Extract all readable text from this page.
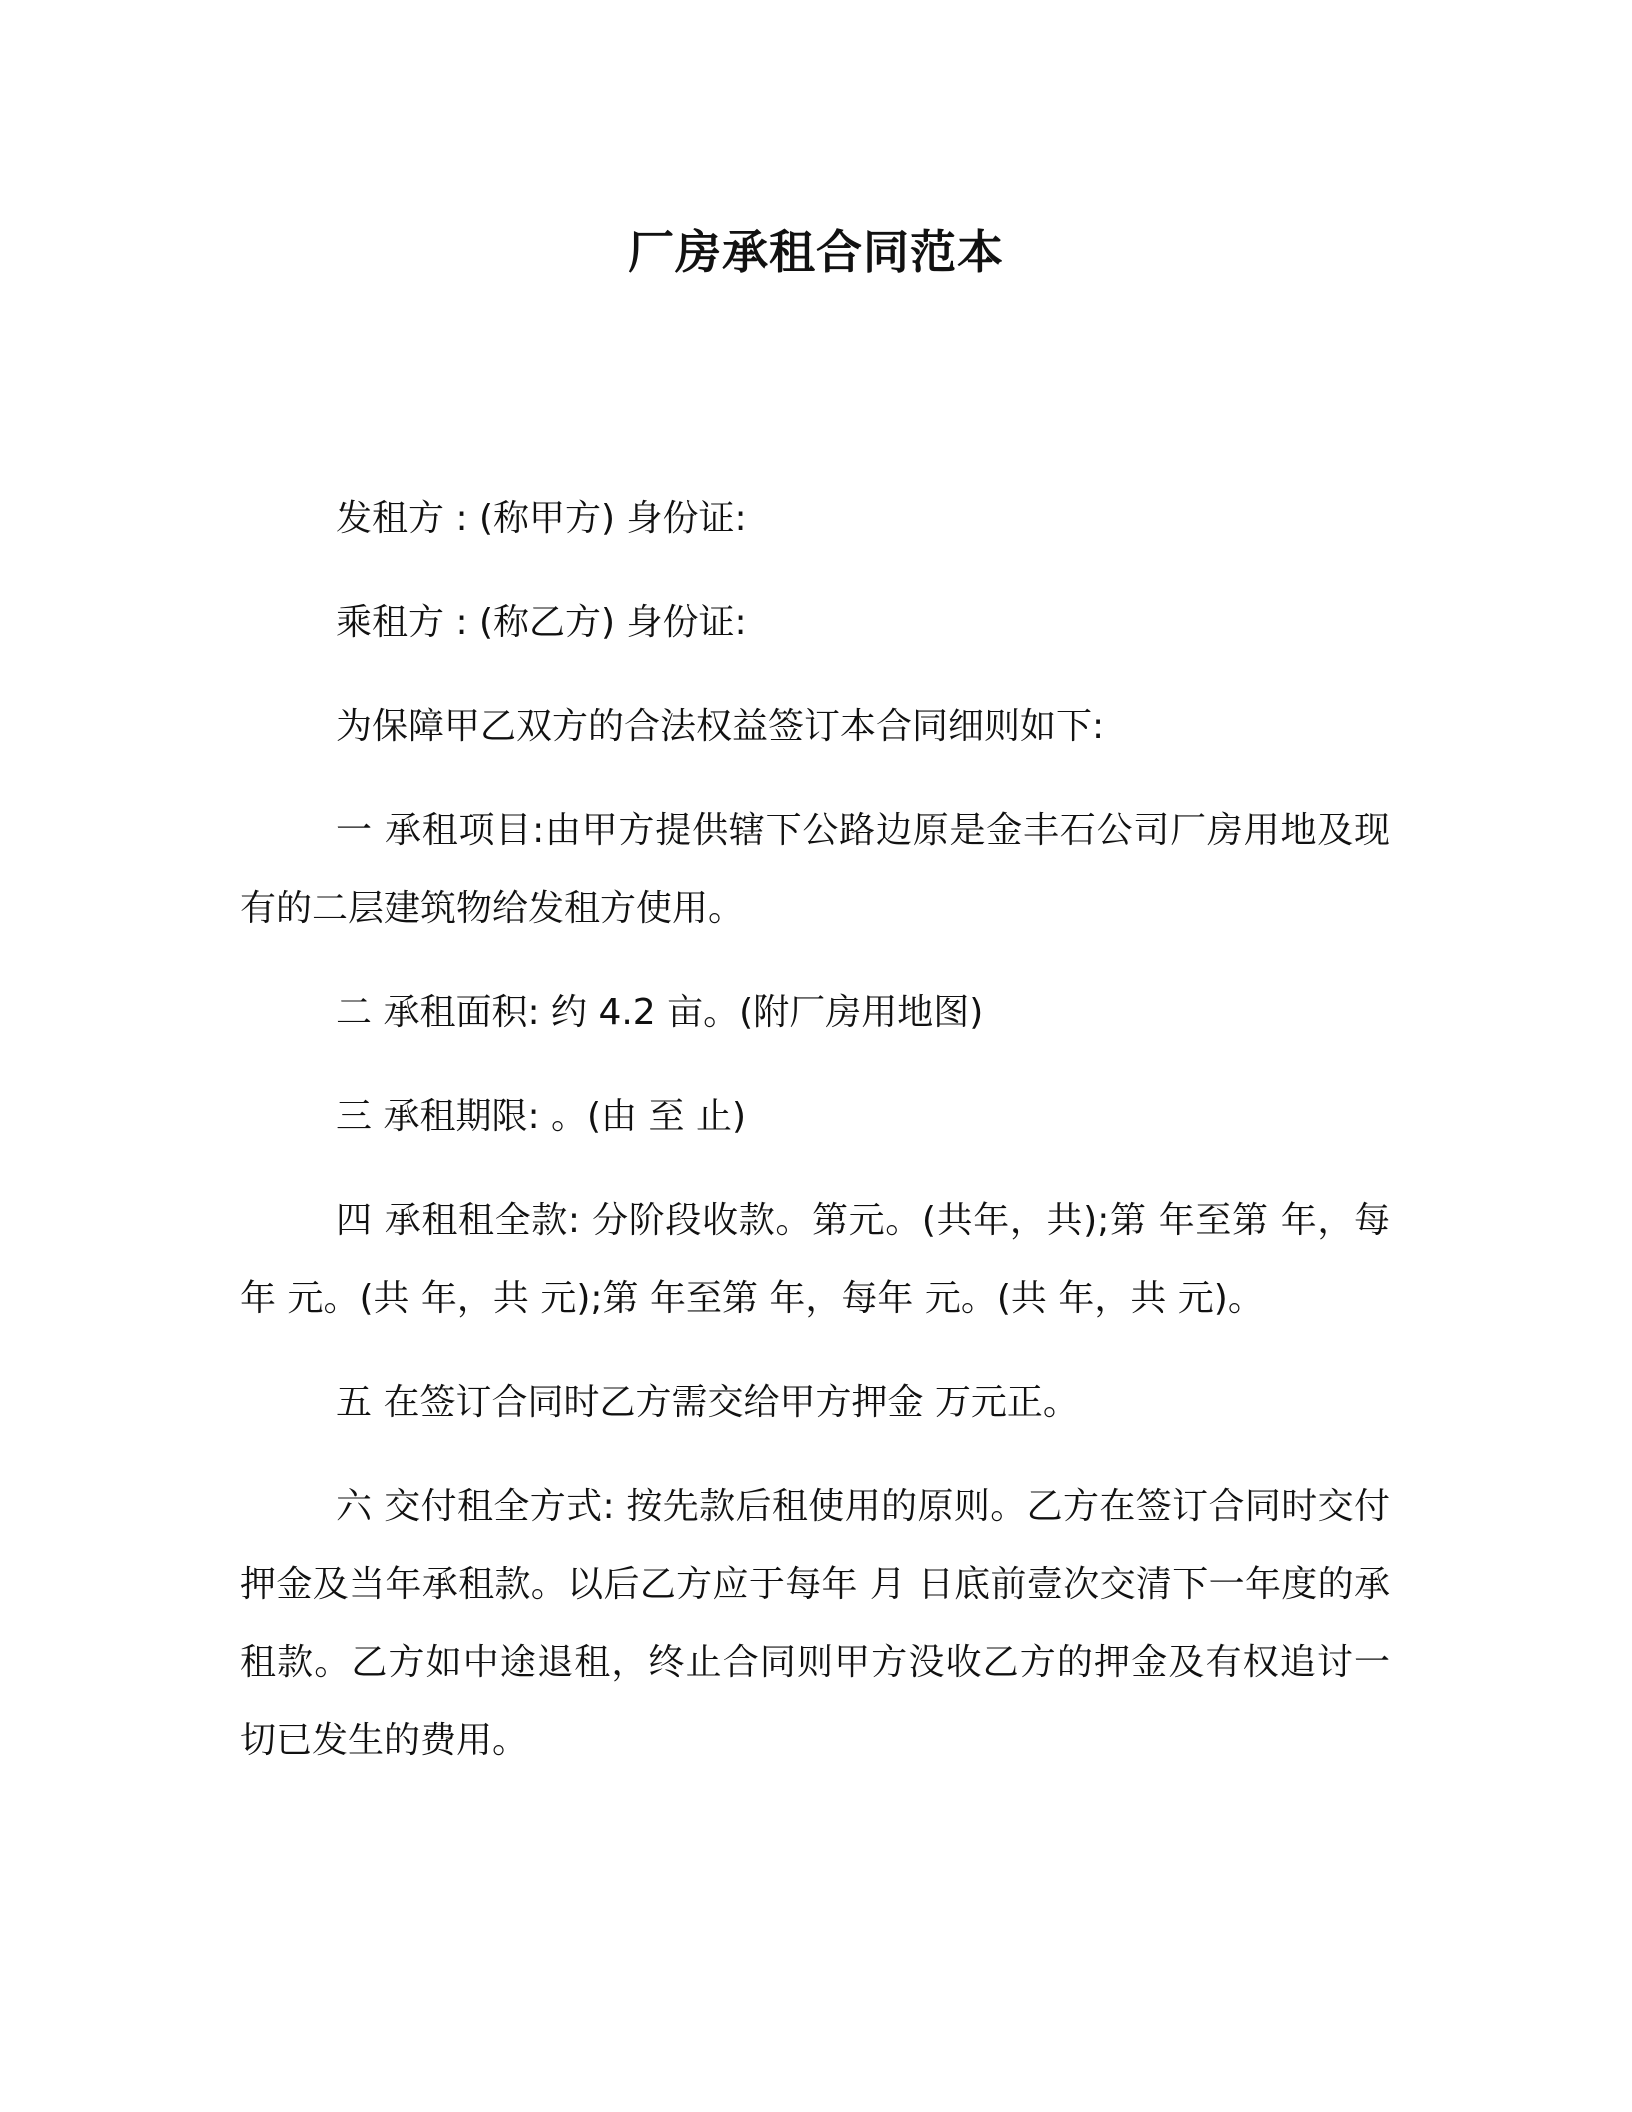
厂房承租合同范本

发租方 : (称甲方) 身份证:

乘租方 : (称乙方) 身份证:

为保障甲乙双方的合法权益签订本合同细则如下:

一 承租项目:由甲方提供辖下公路边原是金丰石公司厂房用地及现有的二层建筑物给发租方使用。

二 承租面积: 约 4.2 亩。(附厂房用地图)

三 承租期限: 。(由 至 止)

四 承租租全款: 分阶段收款。第元。(共年，共);第 年至第 年，每年 元。(共 年，共 元);第 年至第 年，每年 元。(共 年，共 元)。

五 在签订合同时乙方需交给甲方押金 万元正。

六 交付租全方式: 按先款后租使用的原则。乙方在签订合同时交付押金及当年承租款。以后乙方应于每年 月 日底前壹次交清下一年度的承租款。乙方如中途退租，终止合同则甲方没收乙方的押金及有权追讨一切已发生的费用。
